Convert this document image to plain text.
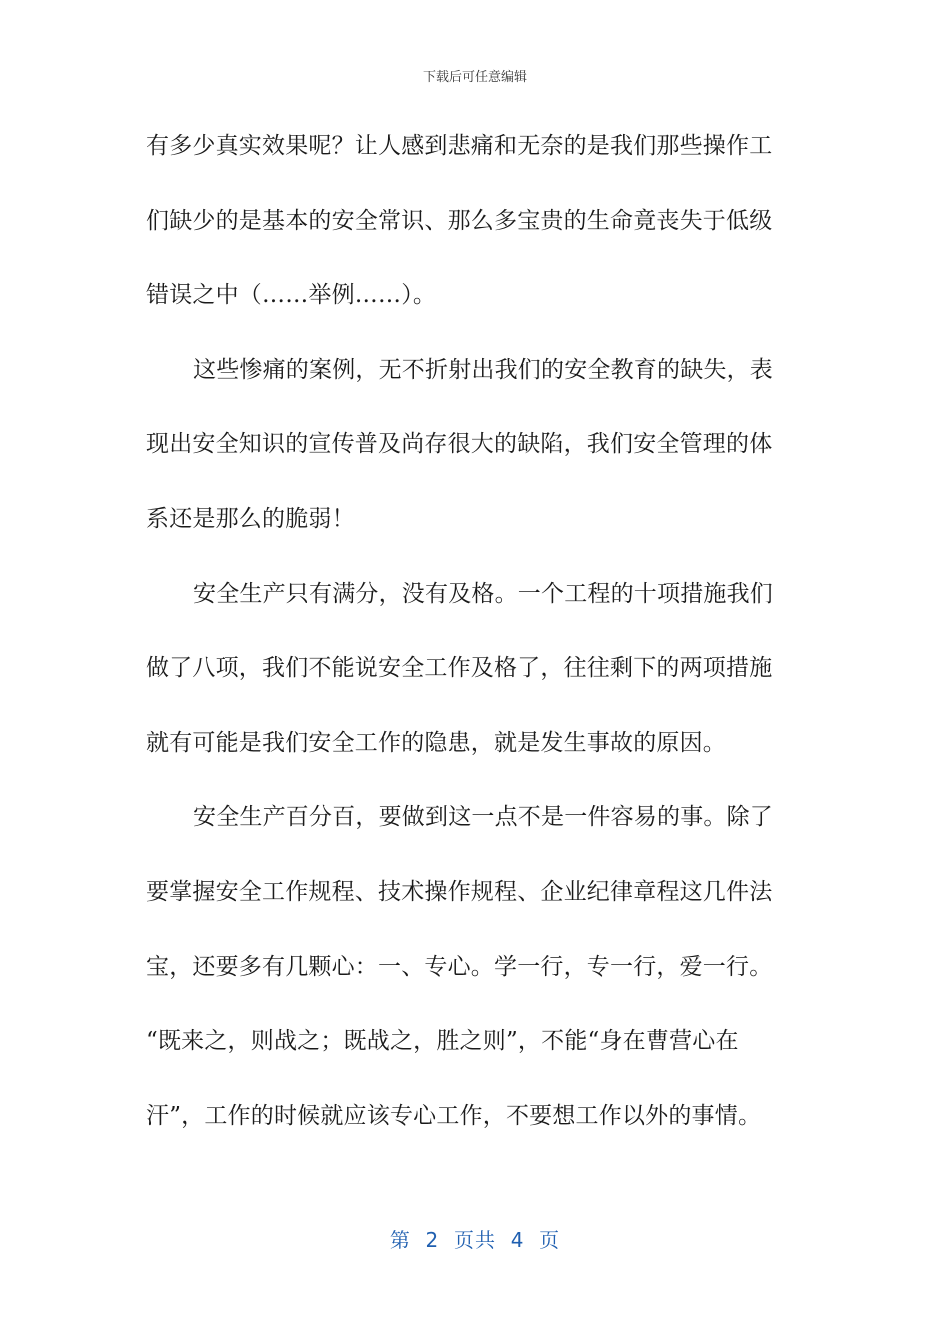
下载后可任意编辑
有多少真实效果呢？让人感到悲痛和无奈的是我们那些操作工
们缺少的是基本的安全常识、那么多宝贵的生命竟丧失于低级
错误之中（……举例……）。
这些惨痛的案例，无不折射出我们的安全教育的缺失，表
现出安全知识的宣传普及尚存很大的缺陷，我们安全管理的体
系还是那么的脆弱！
安全生产只有满分，没有及格。一个工程的十项措施我们
做了八项，我们不能说安全工作及格了，往往剩下的两项措施
就有可能是我们安全工作的隐患，就是发生事故的原因。
安全生产百分百，要做到这一点不是一件容易的事。除了
要掌握安全工作规程、技术操作规程、企业纪律章程这几件法
宝，还要多有几颗心：一、专心。学一行，专一行，爱一行。
“既来之，则战之；既战之，胜之则”，不能“身在曹营心在
汗”，工作的时候就应该专心工作，不要想工作以外的事情。
第  2  页共  4  页
